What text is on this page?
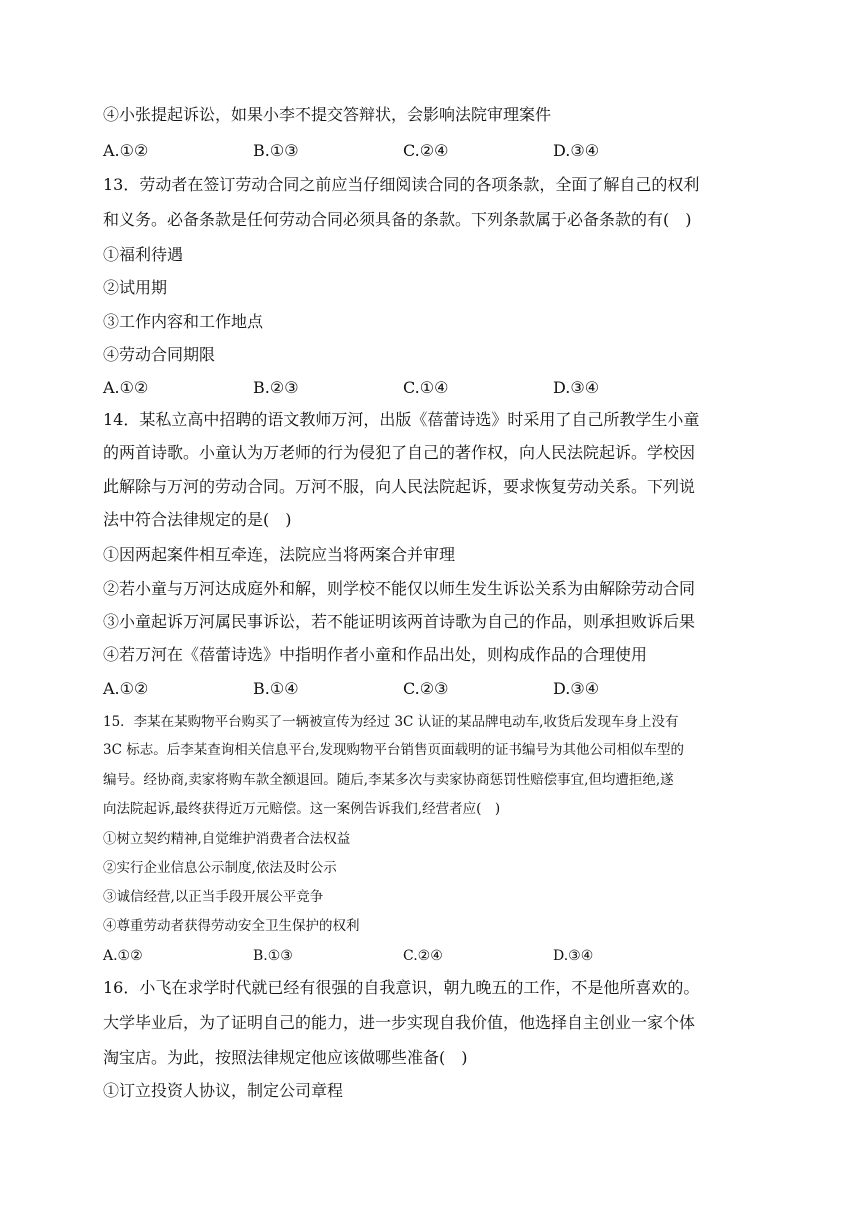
④小张提起诉讼，如果小李不提交答辩状，会影响法院审理案件
A.①②	B.①③	C.②④	D.③④
13．劳动者在签订劳动合同之前应当仔细阅读合同的各项条款，全面了解自己的权利
和义务。必备条款是任何劳动合同必须具备的条款。下列条款属于必备条款的有(　)
①福利待遇
②试用期
③工作内容和工作地点
④劳动合同期限
A.①②	B.②③	C.①④	D.③④
14．某私立高中招聘的语文教师万河，出版《蓓蕾诗选》时采用了自己所教学生小童
的两首诗歌。小童认为万老师的行为侵犯了自己的著作权，向人民法院起诉。学校因
此解除与万河的劳动合同。万河不服，向人民法院起诉，要求恢复劳动关系。下列说
法中符合法律规定的是(　)
①因两起案件相互牵连，法院应当将两案合并审理
②若小童与万河达成庭外和解，则学校不能仅以师生发生诉讼关系为由解除劳动合同
③小童起诉万河属民事诉讼，若不能证明该两首诗歌为自己的作品，则承担败诉后果
④若万河在《蓓蕾诗选》中指明作者小童和作品出处，则构成作品的合理使用
A.①②	B.①④	C.②③	D.③④
15．李某在某购物平台购买了一辆被宣传为经过 3C 认证的某品牌电动车,收货后发现车身上没有
3C 标志。后李某查询相关信息平台,发现购物平台销售页面载明的证书编号为其他公司相似车型的
编号。经协商,卖家将购车款全额退回。随后,李某多次与卖家协商惩罚性赔偿事宜,但均遭拒绝,遂
向法院起诉,最终获得近万元赔偿。这一案例告诉我们,经营者应(　)
①树立契约精神,自觉维护消费者合法权益
②实行企业信息公示制度,依法及时公示
③诚信经营,以正当手段开展公平竞争
④尊重劳动者获得劳动安全卫生保护的权利
A.①②	B.①③	C.②④	D.③④
16．小飞在求学时代就已经有很强的自我意识，朝九晚五的工作，不是他所喜欢的。
大学毕业后，为了证明自己的能力，进一步实现自我价值，他选择自主创业一家个体
淘宝店。为此，按照法律规定他应该做哪些准备(　)
①订立投资人协议，制定公司章程
